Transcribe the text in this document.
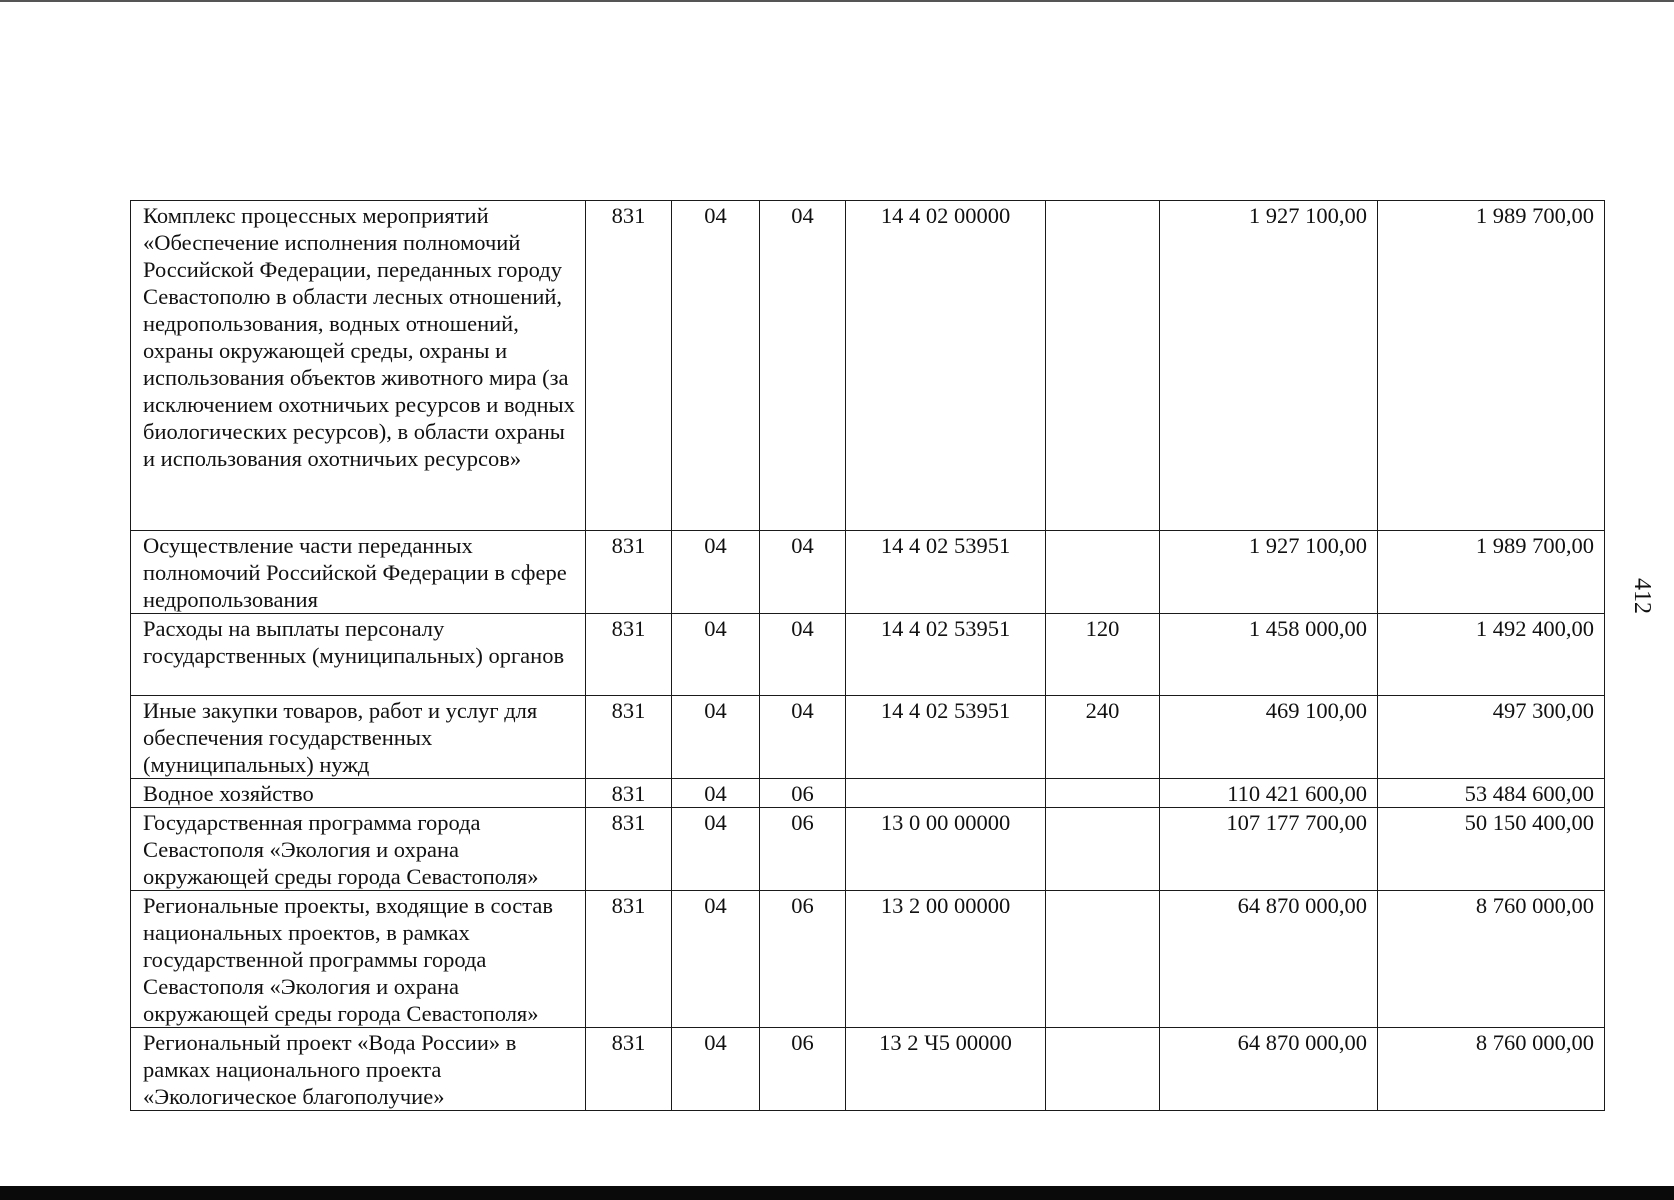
Комплекс процессных мероприятий «Обеспечение исполнения полномочий Российской Федерации, переданных городу Севастополю в области лесных отношений, недропользования, водных отношений, охраны окружающей среды, охраны и использования объектов животного мира (за исключением охотничьих ресурсов и водных биологических ресурсов), в области охраны и использования охотничьих ресурсов»	831	04	04	14 4 02 00000		1 927 100,00	1 989 700,00
Осуществление части переданных полномочий Российской Федерации в сфере недропользования	831	04	04	14 4 02 53951		1 927 100,00	1 989 700,00
Расходы на выплаты персоналу государственных (муниципальных) органов	831	04	04	14 4 02 53951	120	1 458 000,00	1 492 400,00
Иные закупки товаров, работ и услуг для обеспечения государственных (муниципальных) нужд	831	04	04	14 4 02 53951	240	469 100,00	497 300,00
Водное хозяйство	831	04	06			110 421 600,00	53 484 600,00
Государственная программа города Севастополя «Экология и охрана окружающей среды города Севастополя»	831	04	06	13 0 00 00000		107 177 700,00	50 150 400,00
Региональные проекты, входящие в состав национальных проектов, в рамках государственной программы города Севастополя «Экология и охрана окружающей среды города Севастополя»	831	04	06	13 2 00 00000		64 870 000,00	8 760 000,00
Региональный проект «Вода России» в рамках национального проекта «Экологическое благополучие»	831	04	06	13 2 Ч5 00000		64 870 000,00	8 760 000,00
412
